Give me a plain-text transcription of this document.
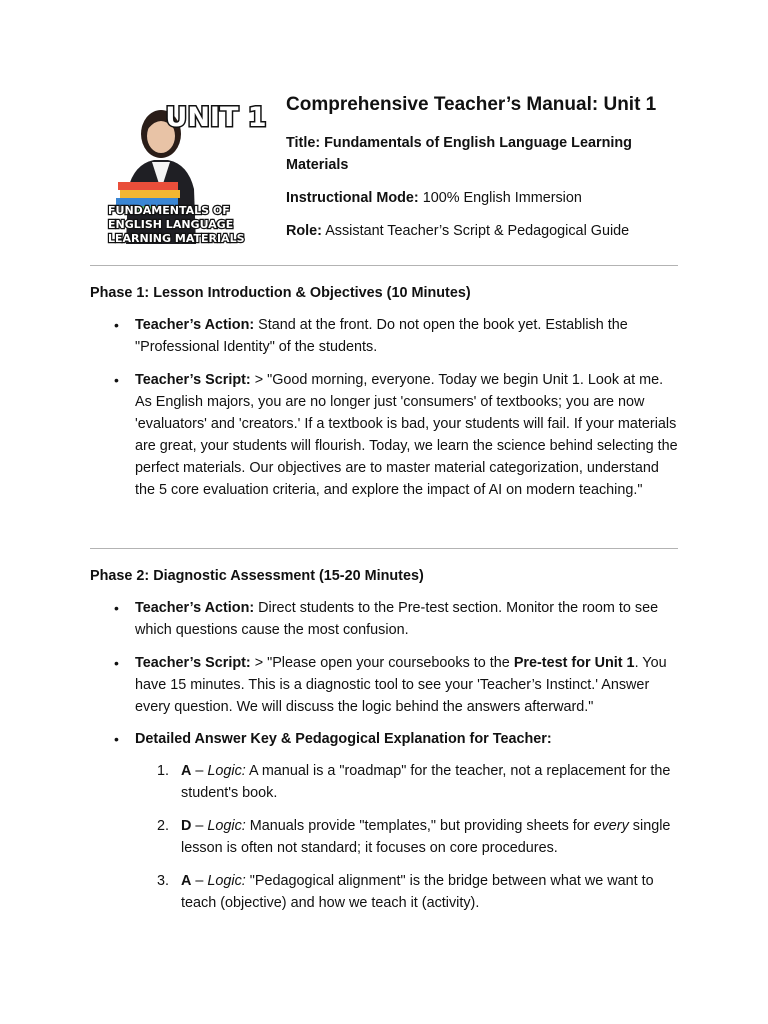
UNIT 1
FUNDAMENTALS OF
ENGLISH LANGUAGE
LEARNING MATERIALS
Comprehensive Teacher’s Manual: Unit 1

Title: Fundamentals of English Language Learning Materials

Instructional Mode: 100% English Immersion

Role: Assistant Teacher’s Script & Pedagogical Guide

Phase 1: Lesson Introduction & Objectives (10 Minutes)
• Teacher’s Action: Stand at the front. Do not open the book yet. Establish the "Professional Identity" of the students.
• Teacher’s Script: > "Good morning, everyone. Today we begin Unit 1. Look at me. As English majors, you are no longer just 'consumers' of textbooks; you are now 'evaluators' and 'creators.' If a textbook is bad, your students will fail. If your materials are great, your students will flourish. Today, we learn the science behind selecting the perfect materials. Our objectives are to master material categorization, understand the 5 core evaluation criteria, and explore the impact of AI on modern teaching."
Phase 2: Diagnostic Assessment (15-20 Minutes)
• Teacher’s Action: Direct students to the Pre-test section. Monitor the room to see which questions cause the most confusion.
• Teacher’s Script: > "Please open your coursebooks to the Pre-test for Unit 1. You have 15 minutes. This is a diagnostic tool to see your 'Teacher’s Instinct.' Answer every question. We will discuss the logic behind the answers afterward."
• Detailed Answer Key & Pedagogical Explanation for Teacher:
1. A – Logic: A manual is a "roadmap" for the teacher, not a replacement for the student's book.
2. D – Logic: Manuals provide "templates," but providing sheets for every single lesson is often not standard; it focuses on core procedures.
3. A – Logic: "Pedagogical alignment" is the bridge between what we want to teach (objective) and how we teach it (activity).
